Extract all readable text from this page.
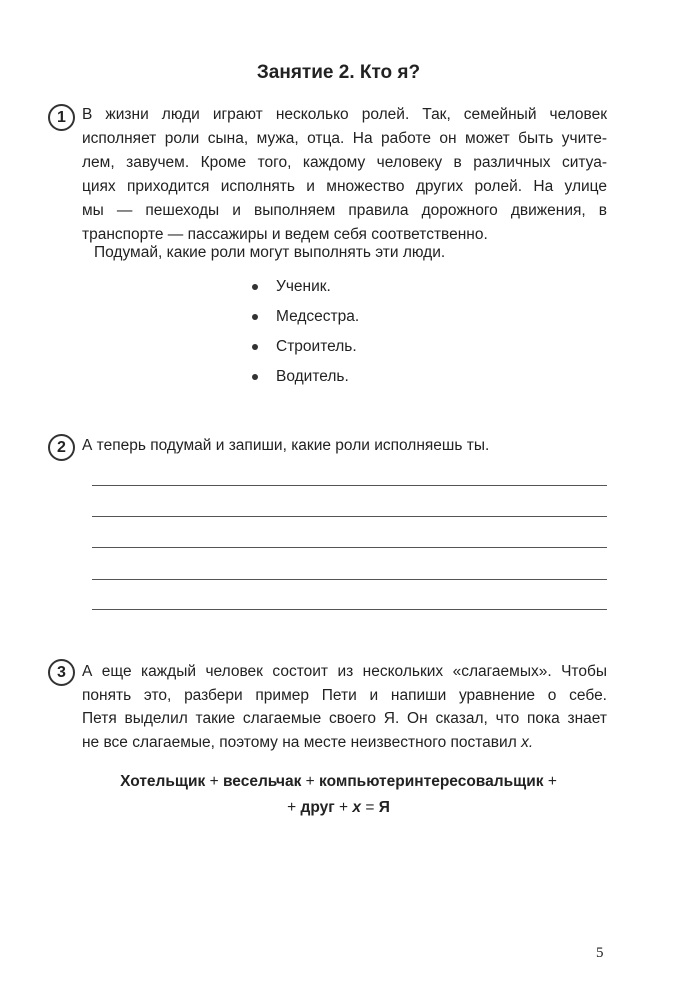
Занятие 2. Кто я?
1	В жизни люди играют несколько ролей. Так, семейный человек
исполняет роли сына, мужа, отца. На работе он может быть учите-
лем, завучем. Кроме того, каждому человеку в различных ситуа-
циях приходится исполнять и множество других ролей. На улице
мы — пешеходы и выполняем правила дорожного движения, в
транспорте — пассажиры и ведем себя соответственно.
Подумай, какие роли могут выполнять эти люди.
Ученик.
Медсестра.
Строитель.
Водитель.
2	А теперь подумай и запиши, какие роли исполняешь ты.
3	А еще каждый человек состоит из нескольких «слагаемых». Чтобы
понять это, разбери пример Пети и напиши уравнение о себе.
Петя выделил такие слагаемые своего Я. Он сказал, что пока знает
не все слагаемые, поэтому на месте неизвестного поставил x.
Хотельщик + весельчак + компьютеринтересовальщик +
+ друг + x = Я
5
